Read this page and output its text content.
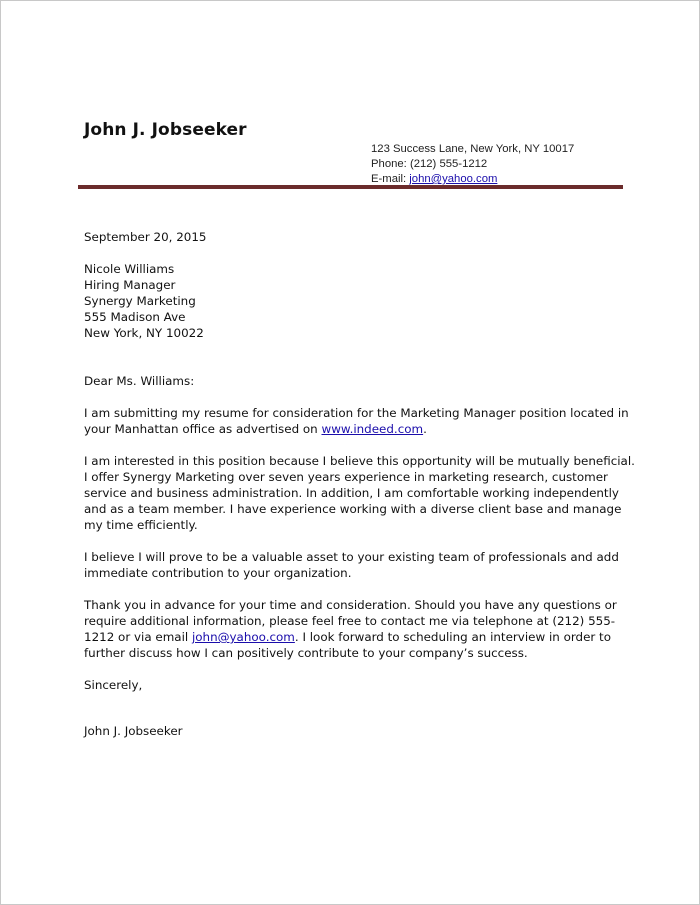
John J. Jobseeker
123 Success Lane, New York, NY 10017
Phone: (212) 555-1212
E-mail: john@yahoo.com
September 20, 2015
Nicole Williams
Hiring Manager
Synergy Marketing
555 Madison Ave
New York, NY 10022
Dear Ms. Williams:
I am submitting my resume for consideration for the Marketing Manager position located in
your Manhattan office as advertised on www.indeed.com.
I am interested in this position because I believe this opportunity will be mutually beneficial.
I offer Synergy Marketing over seven years experience in marketing research, customer
service and business administration. In addition, I am comfortable working independently
and as a team member. I have experience working with a diverse client base and manage
my time efficiently.
I believe I will prove to be a valuable asset to your existing team of professionals and add
immediate contribution to your organization.
Thank you in advance for your time and consideration. Should you have any questions or
require additional information, please feel free to contact me via telephone at (212) 555-
1212 or via email john@yahoo.com. I look forward to scheduling an interview in order to
further discuss how I can positively contribute to your company’s success.
Sincerely,
John J. Jobseeker
